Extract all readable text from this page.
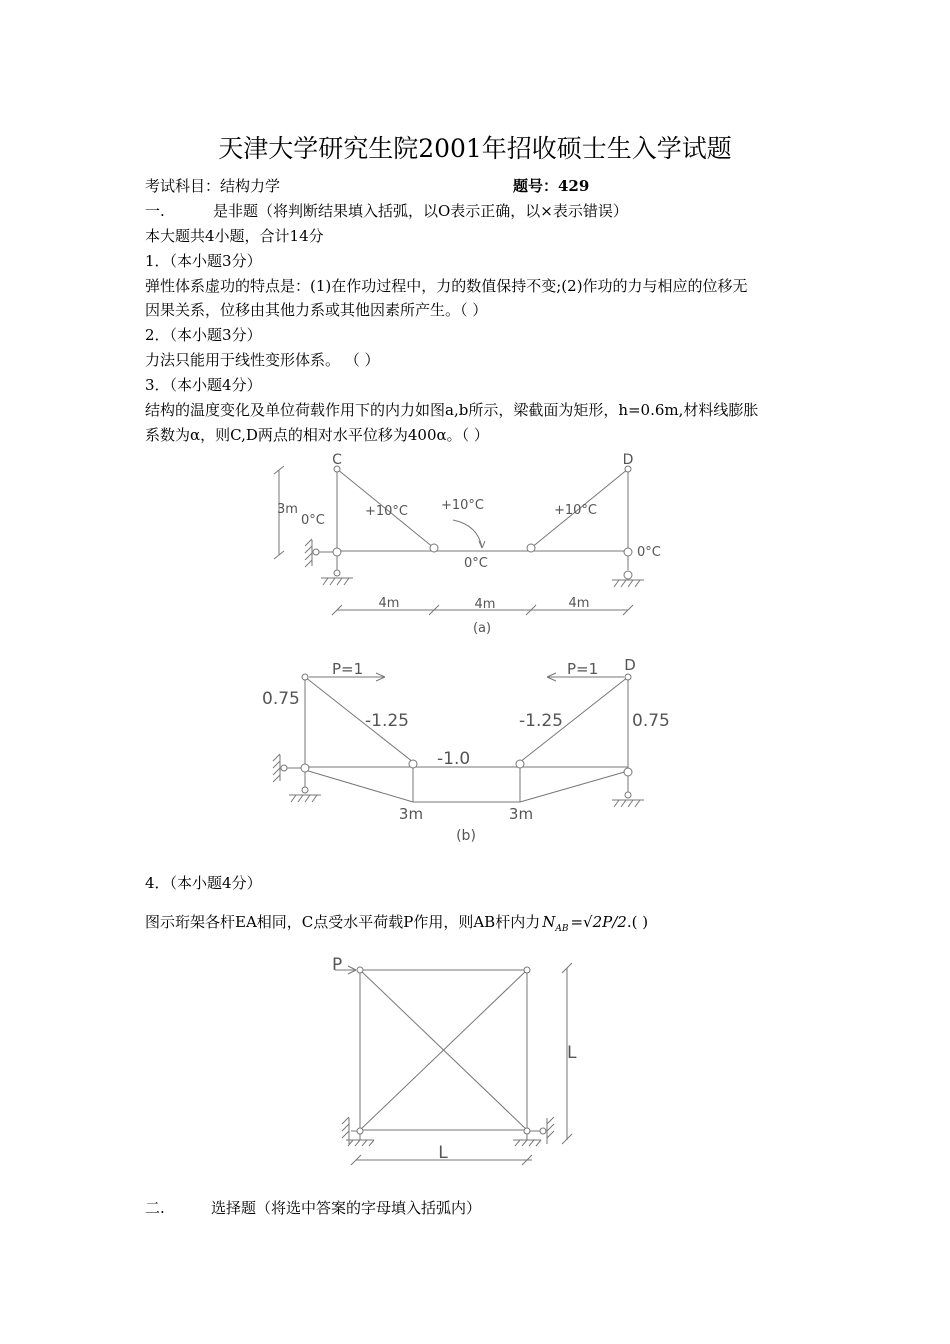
天津大学研究生院2001年招收硕士生入学试题
考试科目：结构力学	题号：429
一.	是非题（将判断结果填入括弧，以O表示正确，以×表示错误）
本大题共4小题，合计14分
1．（本小题3分）
弹性体系虚功的特点是：(1)在作功过程中，力的数值保持不变;(2)作功的力与相应的位移无
因果关系，位移由其他力系或其他因素所产生。（ ）
2．（本小题3分）
力法只能用于线性变形体系。 （ ）
3．（本小题4分）
结构的温度变化及单位荷载作用下的内力如图a,b所示，梁截面为矩形，h=0.6m,材料线膨胀
系数为α，则C,D两点的相对水平位移为400α。（ ）
C	D
3m
0°C
+10°C	+10°C	+10°C
0°C
0°C
4m	4m	4m
(a)
P=1	P=1 D
0.75
0.75
-1.25	-1.25
-1.0
3m	3m
(b)
4．（本小题4分）
图示珩架各杆EA相同，C点受水平荷载P作用，则AB杆内力 $N_{AB} =√2P/2$.( )
P
L
L
二.	选择题（将选中答案的字母填入括弧内）
